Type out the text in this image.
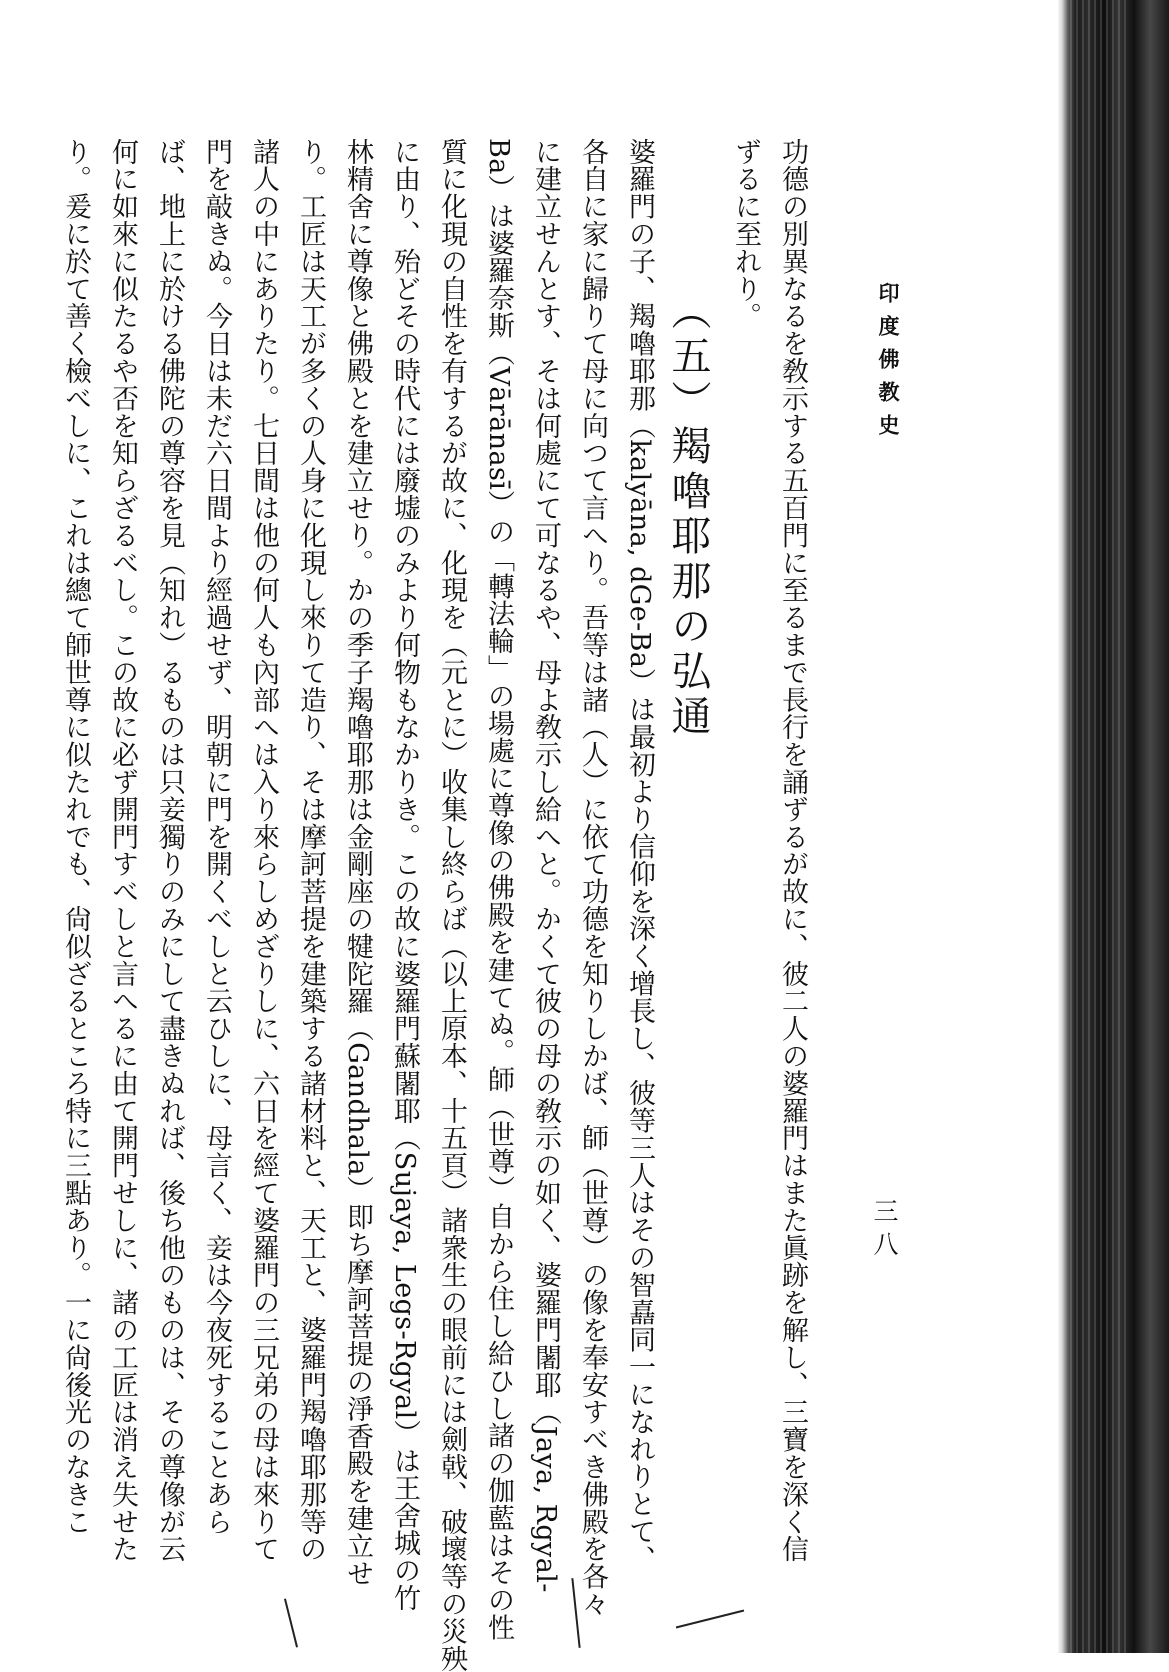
印度佛教史
三八
功德の別異なるを敎示する五百門に至るまで長行を誦ずるが故に、彼二人の婆羅門はまた眞跡を解し、三寶を深く信
ずるに至れり。
（五）羯嚕耶那の弘通
婆羅門の子、羯嚕耶那（kalyāna, dGe-Ba）は最初より信仰を深く增長し、彼等三人はその智嚞同一になれりとて、
各自に家に歸りて母に向つて言へり。吾等は諸（人）に依て功德を知りしかば、師（世尊）の像を奉安すべき佛殿を各々
に建立せんとす、そは何處にて可なるや、母よ敎示し給へと。かくて彼の母の敎示の如く、婆羅門闍耶（Jaya, Rgyal-
Ba）は婆羅奈斯（Vārānasī）の「轉法輪」の場處に尊像の佛殿を建てぬ。師（世尊）自から住し給ひし諸の伽藍はその性
質に化現の自性を有するが故に、化現を（元とに）收集し終らば（以上原本、十五頁）諸衆生の眼前には劍戟、破壞等の災殃
に由り、殆どその時代には廢墟のみより何物もなかりき。この故に婆羅門蘇闍耶（Sujaya, Legs-Rgyal）は王舍城の竹
林精舍に尊像と佛殿とを建立せり。かの季子羯嚕耶那は金剛座の犍陀羅（Gandhala）即ち摩訶菩提の淨香殿を建立せ
り。工匠は天工が多くの人身に化現し來りて造り、そは摩訶菩提を建築する諸材料と、天工と、婆羅門羯嚕耶那等の
諸人の中にありたり。七日間は他の何人も內部へは入り來らしめざりしに、六日を經て婆羅門の三兄弟の母は來りて
門を敲きぬ。今日は未だ六日間より經過せず、明朝に門を開くべしと云ひしに、母言く、妾は今夜死することあら
ば、地上に於ける佛陀の尊容を見（知れ）るものは只妾獨りのみにして盡きぬれば、後ち他のものは、その尊像が云
何に如來に似たるや否を知らざるべし。この故に必ず開門すべしと言へるに由て開門せしに、諸の工匠は消え失せた
り。爰に於て善く檢べしに、これは總て師世尊に似たれでも、尙似ざるところ特に三點あり。一に尙後光のなきこ
